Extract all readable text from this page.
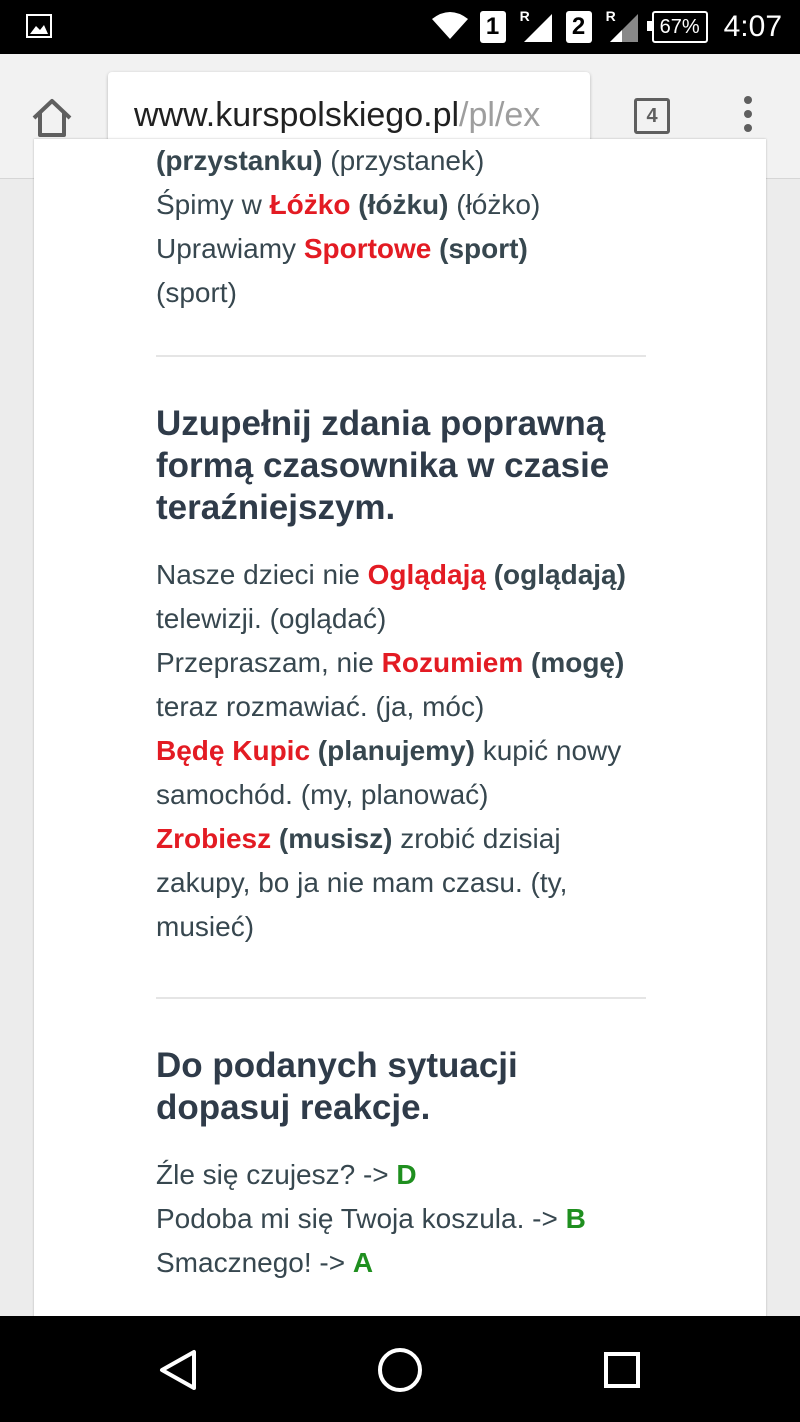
1	R 2	R	67% 4:07
www.kurspolskiego.pl/pl/ex	4
(przystanku) (przystanek)
Śpimy w Łóżko (łóżku) (łóżko)
Uprawiamy Sportowe (sport)
(sport)
Uzupełnij zdania poprawną formą czasownika w czasie teraźniejszym.
Nasze dzieci nie Oglądają (oglądają) telewizji. (oglądać)
Przepraszam, nie Rozumiem (mogę) teraz rozmawiać. (ja, móc)
Będę Kupic (planujemy) kupić nowy samochód. (my, planować)
Zrobiesz (musisz) zrobić dzisiaj zakupy, bo ja nie mam czasu. (ty, musieć)
Do podanych sytuacji dopasuj reakcje.
Źle się czujesz? -> D
Podoba mi się Twoja koszula. -> B
Smacznego! -> A
